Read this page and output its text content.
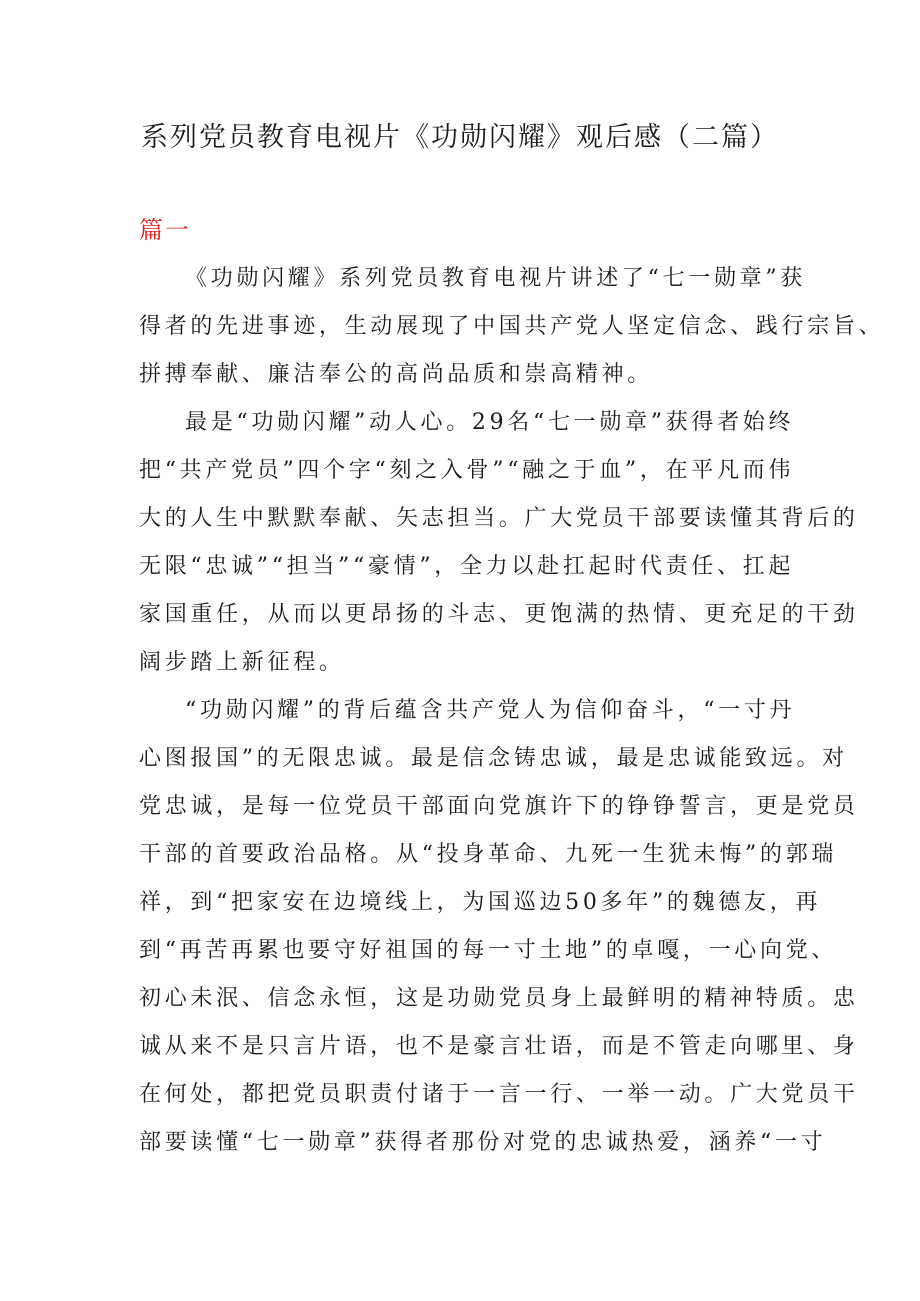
系列党员教育电视片《功勋闪耀》观后感（二篇）
篇一
《功勋闪耀》系列党员教育电视片讲述了“七一勋章”获
得者的先进事迹，生动展现了中国共产党人坚定信念、践行宗旨、
拼搏奉献、廉洁奉公的高尚品质和崇高精神。
最是“功勋闪耀”动人心。29名“七一勋章”获得者始终
把“共产党员”四个字“刻之入骨”“融之于血”，在平凡而伟
大的人生中默默奉献、矢志担当。广大党员干部要读懂其背后的
无限“忠诚”“担当”“豪情”，全力以赴扛起时代责任、扛起
家国重任，从而以更昂扬的斗志、更饱满的热情、更充足的干劲
阔步踏上新征程。
“功勋闪耀”的背后蕴含共产党人为信仰奋斗，“一寸丹
心图报国”的无限忠诚。最是信念铸忠诚，最是忠诚能致远。对
党忠诚，是每一位党员干部面向党旗许下的铮铮誓言，更是党员
干部的首要政治品格。从“投身革命、九死一生犹未悔”的郭瑞
祥，到“把家安在边境线上，为国巡边50多年”的魏德友，再
到“再苦再累也要守好祖国的每一寸土地”的卓嘎，一心向党、
初心未泯、信念永恒，这是功勋党员身上最鲜明的精神特质。忠
诚从来不是只言片语，也不是豪言壮语，而是不管走向哪里、身
在何处，都把党员职责付诸于一言一行、一举一动。广大党员干
部要读懂“七一勋章”获得者那份对党的忠诚热爱，涵养“一寸
